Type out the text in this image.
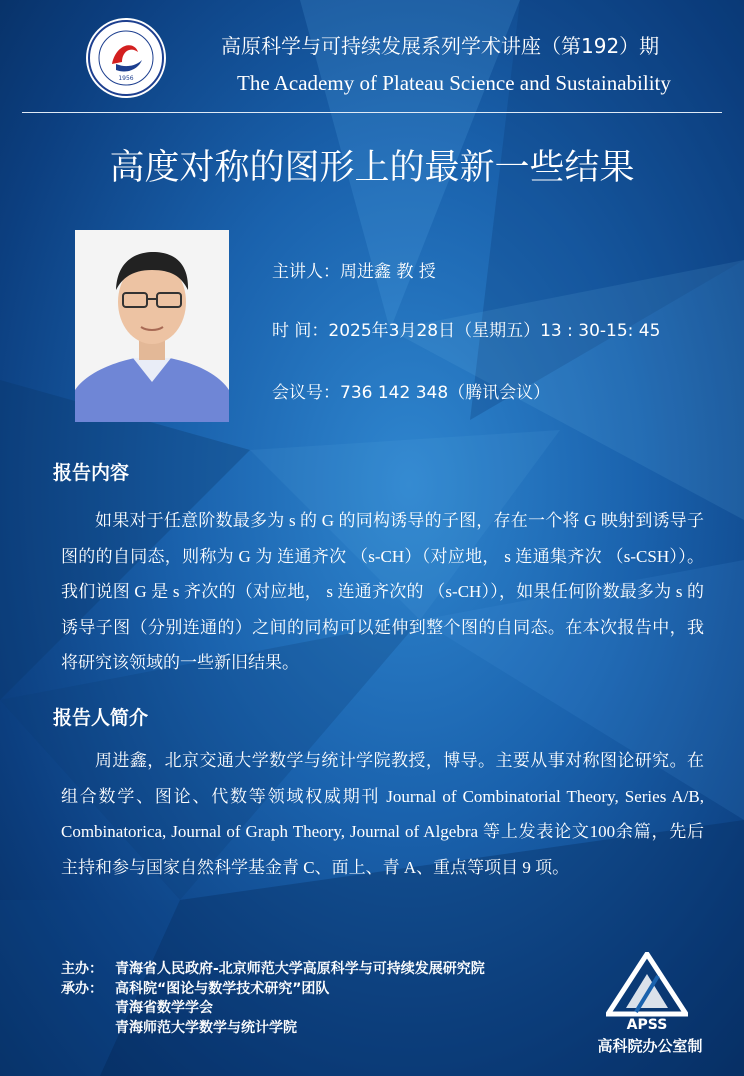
1956
高原科学与可持续发展系列学术讲座（第192）期
The Academy of Plateau Science and Sustainability
高度对称的图形上的最新一些结果
主讲人：周进鑫 教 授
时 间：2025年3月28日（星期五）13 : 30-15: 45
会议号：736 142 348（腾讯会议）
报告内容
如果对于任意阶数最多为 s 的 G 的同构诱导的子图，存在一个将 G 映射到诱导子图的的自同态，则称为 G 为 连通齐次 （s-CH）（对应地， s 连通集齐次 （s-CSH））。我们说图 G 是 s 齐次的（对应地， s 连通齐次的 （s-CH）），如果任何阶数最多为 s 的诱导子图（分别连通的）之间的同构可以延伸到整个图的自同态。在本次报告中，我将研究该领域的一些新旧结果。
报告人简介
周进鑫，北京交通大学数学与统计学院教授，博导。主要从事对称图论研究。在组合数学、图论、代数等领域权威期刊 Journal of Combinatorial Theory, Series A/B, Combinatorica, Journal of Graph Theory, Journal of Algebra 等上发表论文100余篇，先后主持和参与国家自然科学基金青 C、面上、青 A、重点等项目 9 项。
主办： 青海省人民政府-北京师范大学高原科学与可持续发展研究院
承办： 高科院“图论与数学技术研究”团队
青海省数学学会
青海师范大学数学与统计学院	APSS
高科院办公室制
